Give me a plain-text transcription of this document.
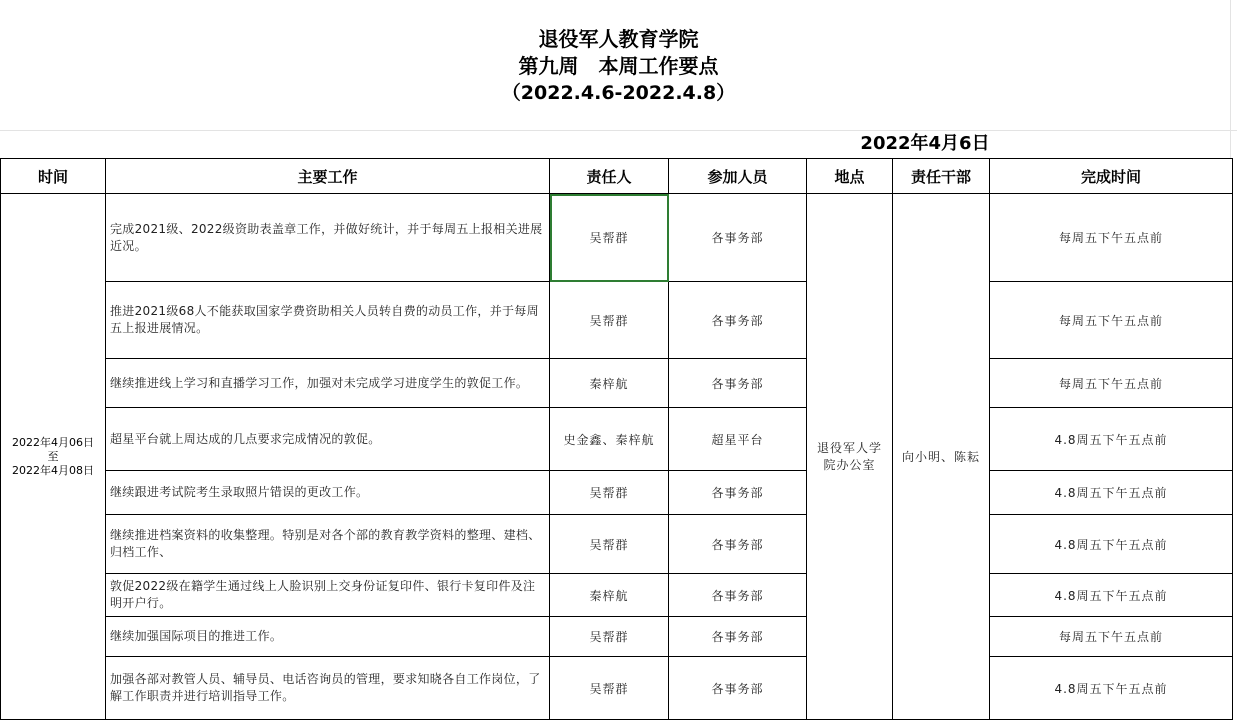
退役军人教育学院
第九周　本周工作要点
（2022.4.6-2022.4.8）
2022年4月6日
时间	主要工作	责任人	参加人员	地点	责任干部	完成时间

2022年4月06日
至
2022年4月08日	完成2021级、2022级资助表盖章工作，并做好统计，并于每周五上报相关进展近况。	吴帮群	各事务部	退役军人学院办公室	向小明、陈耘	每周五下午五点前
	推进2021级68人不能获取国家学费资助相关人员转自费的动员工作，并于每周五上报进展情况。	吴帮群	各事务部			每周五下午五点前
	继续推进线上学习和直播学习工作，加强对未完成学习进度学生的敦促工作。	秦梓航	各事务部			每周五下午五点前
	超星平台就上周达成的几点要求完成情况的敦促。	史金鑫、秦梓航	超星平台			4.8周五下午五点前
	继续跟进考试院考生录取照片错误的更改工作。	吴帮群	各事务部			4.8周五下午五点前
	继续推进档案资料的收集整理。特别是对各个部的教育教学资料的整理、建档、归档工作、	吴帮群	各事务部			4.8周五下午五点前
	敦促2022级在籍学生通过线上人脸识别上交身份证复印件、银行卡复印件及注明开户行。	秦梓航	各事务部			4.8周五下午五点前
	继续加强国际项目的推进工作。	吴帮群	各事务部			每周五下午五点前
	加强各部对教管人员、辅导员、电话咨询员的管理，要求知晓各自工作岗位，了解工作职责并进行培训指导工作。	吴帮群	各事务部			4.8周五下午五点前
